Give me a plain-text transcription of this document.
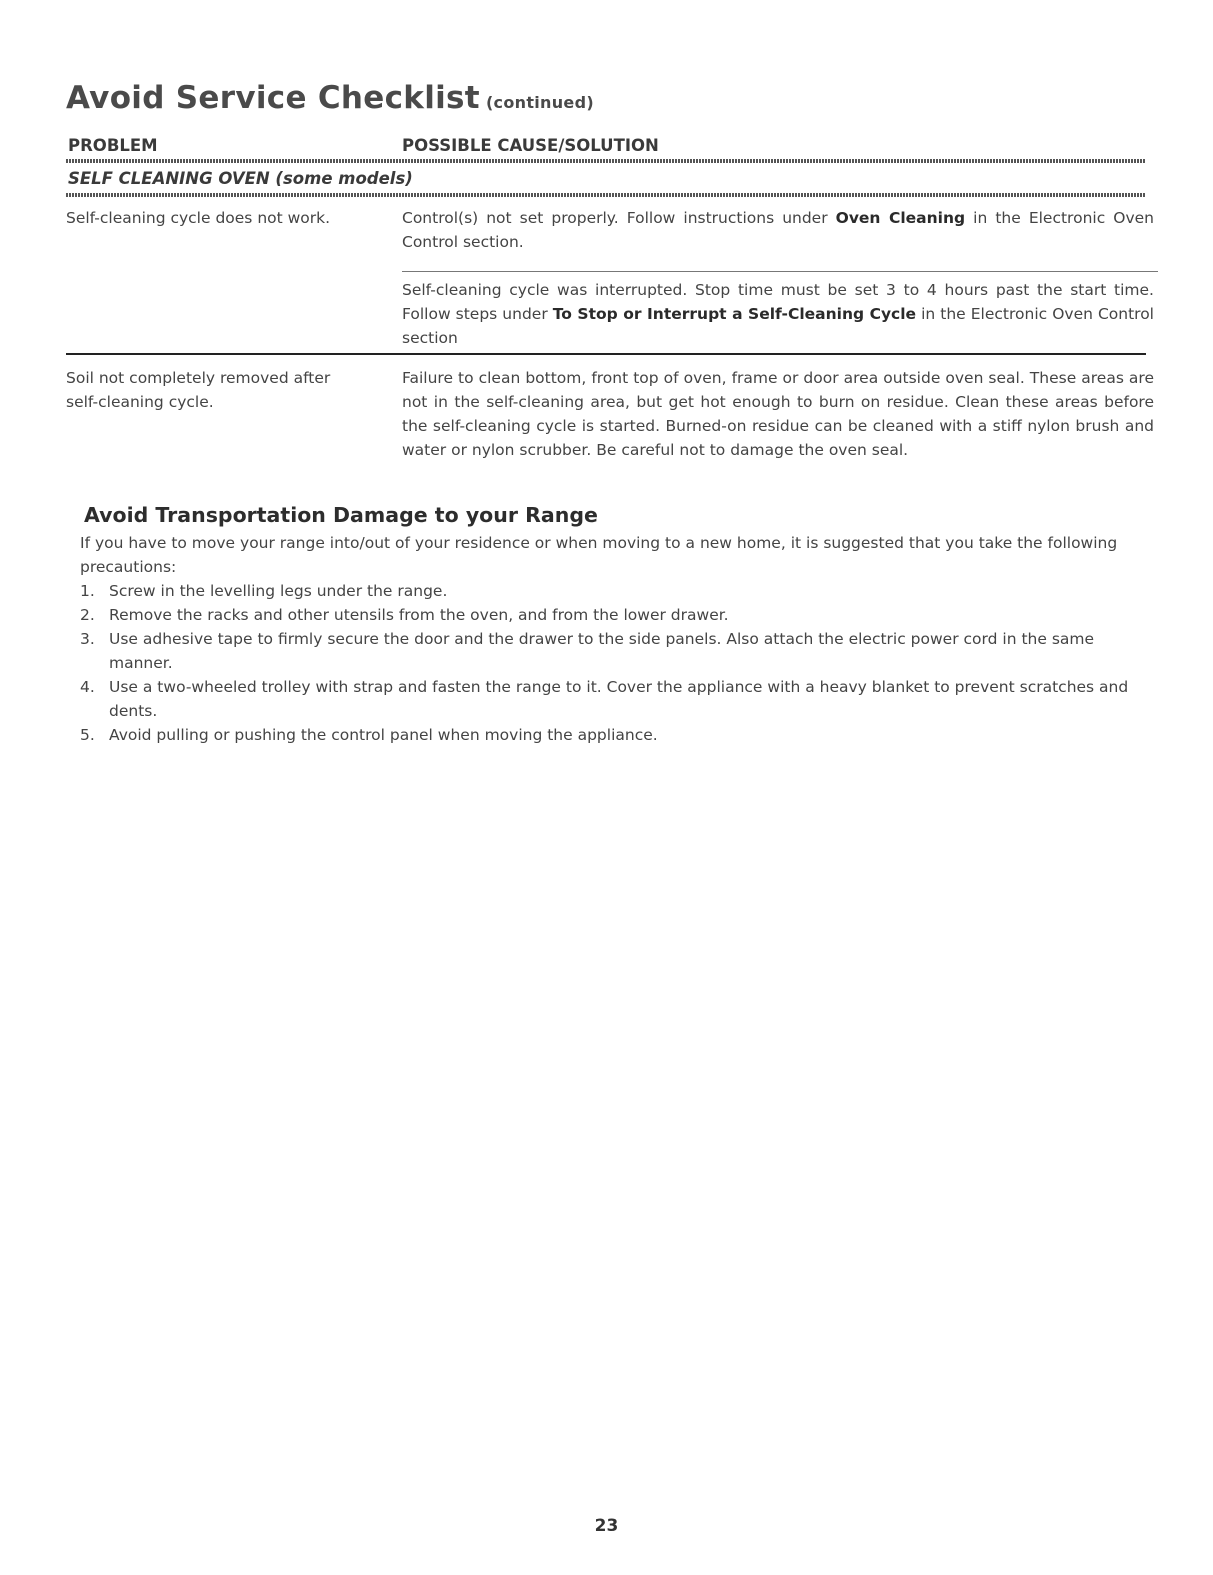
Avoid Service Checklist (continued)
PROBLEM	POSSIBLE CAUSE/SOLUTION
SELF CLEANING OVEN (some models)

Self-cleaning cycle does not work.	Control(s) not set properly. Follow instructions under Oven Cleaning in the Electronic Oven Control section.

Self-cleaning cycle was interrupted. Stop time must be set 3 to 4 hours past the start time. Follow steps under To Stop or Interrupt a Self-Cleaning Cycle in the Electronic Oven Control section

Soil not completely removed after self-cleaning cycle.

Failure to clean bottom, front top of oven, frame or door area outside oven seal. These areas are not in the self-cleaning area, but get hot enough to burn on residue. Clean these areas before the self-cleaning cycle is started. Burned-on residue can be cleaned with a stiff nylon brush and water or nylon scrubber. Be careful not to damage the oven seal.

Avoid Transportation Damage to your Range

If you have to move your range into/out of your residence or when moving to a new home, it is suggested that you take the following precautions:

1. Screw in the levelling legs under the range.
2. Remove the racks and other utensils from the oven, and from the lower drawer.
3. Use adhesive tape to firmly secure the door and the drawer to the side panels. Also attach the electric power cord in the same manner.
4. Use a two-wheeled trolley with strap and fasten the range to it. Cover the appliance with a heavy blanket to prevent scratches and dents.
5. Avoid pulling or pushing the control panel when moving the appliance.
23
